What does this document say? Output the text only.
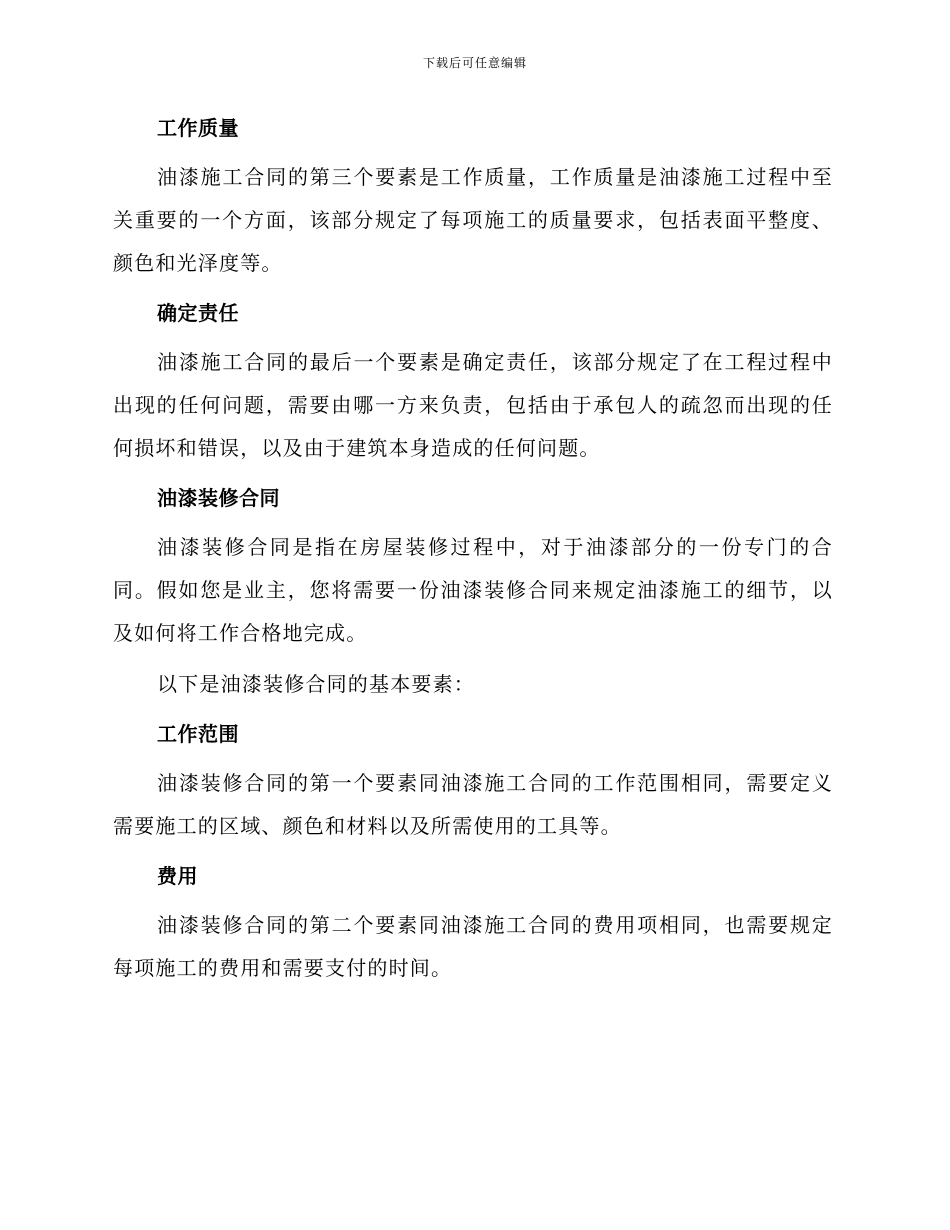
下载后可任意编辑
工作质量
油漆施工合同的第三个要素是工作质量，工作质量是油漆施工过程中至关重要的一个方面，该部分规定了每项施工的质量要求，包括表面平整度、颜色和光泽度等。
确定责任
油漆施工合同的最后一个要素是确定责任，该部分规定了在工程过程中出现的任何问题，需要由哪一方来负责，包括由于承包人的疏忽而出现的任何损坏和错误，以及由于建筑本身造成的任何问题。
油漆装修合同
油漆装修合同是指在房屋装修过程中，对于油漆部分的一份专门的合同。假如您是业主，您将需要一份油漆装修合同来规定油漆施工的细节，以及如何将工作合格地完成。
以下是油漆装修合同的基本要素：
工作范围
油漆装修合同的第一个要素同油漆施工合同的工作范围相同，需要定义需要施工的区域、颜色和材料以及所需使用的工具等。
费用
油漆装修合同的第二个要素同油漆施工合同的费用项相同，也需要规定每项施工的费用和需要支付的时间。
